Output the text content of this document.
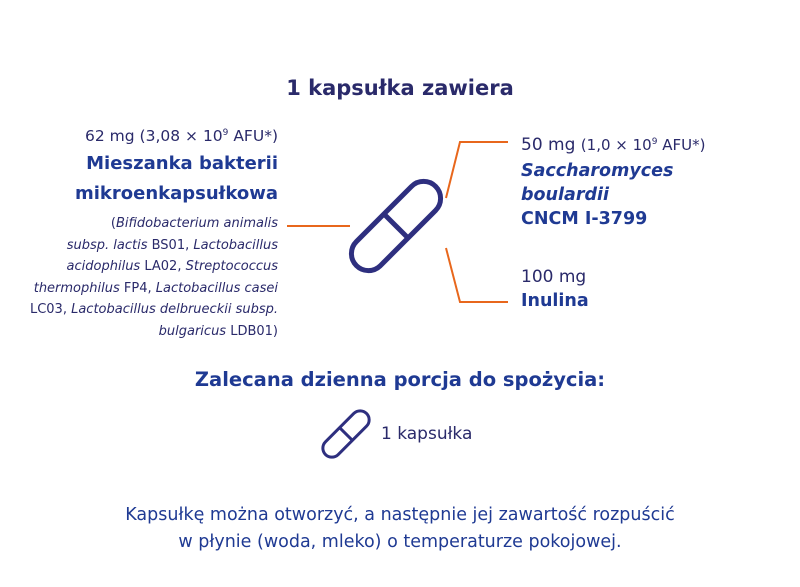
1 kapsułka zawiera
62 mg ($3,08 \times 10^9$ AFU*)
Mieszanka bakterii
mikroenkapsułkowa
(Bifidobacterium animalis
subsp. lactis BS01, Lactobacillus
acidophilus LA02, Streptococcus
thermophilus FP4, Lactobacillus casei
LC03, Lactobacillus delbrueckii subsp.
bulgaricus LDB01)
50 mg ($1,0 \times 10^9$ AFU*)
Saccharomyces
boulardii
CNCM I-3799
100 mg
Inulina
Zalecana dzienna porcja do spożycia:
1 kapsułka
Kapsułkę można otworzyć, a następnie jej zawartość rozpuścić
w płynie (woda, mleko) o temperaturze pokojowej.
